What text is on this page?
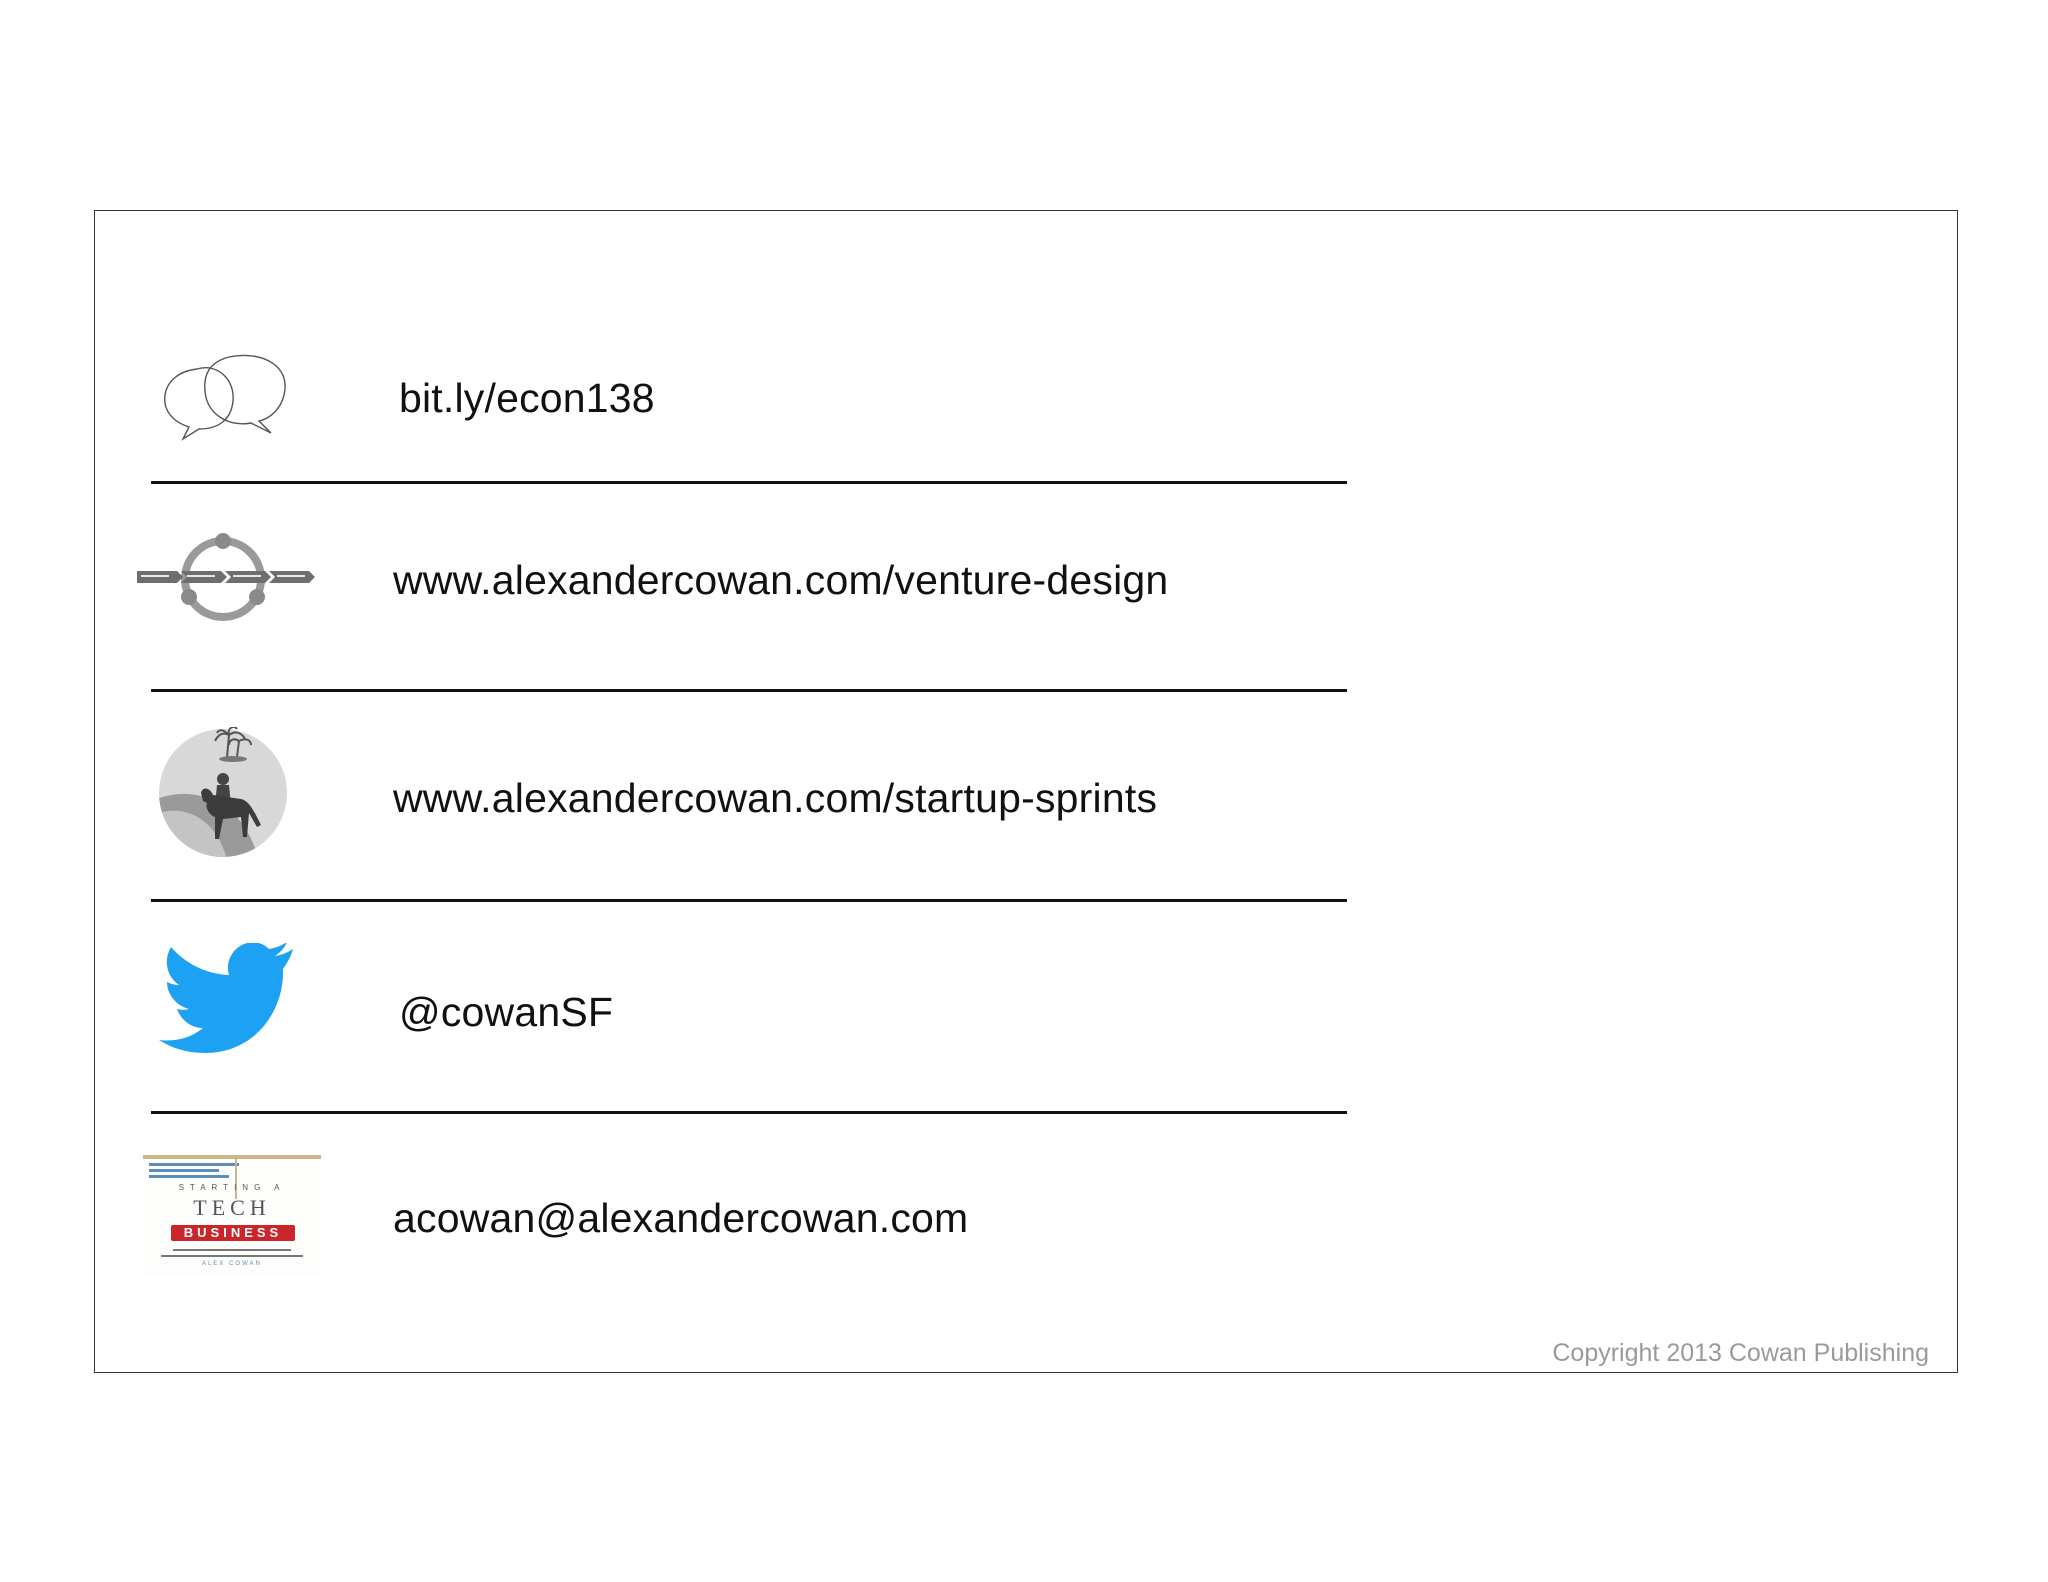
bit.ly/econ138
www.alexandercowan.com/venture-design
www.alexandercowan.com/startup-sprints
@cowanSF
STARTING A
TECH
BUSINESS
ALEX COWAN
acowan@alexandercowan.com
Copyright 2013 Cowan Publishing
